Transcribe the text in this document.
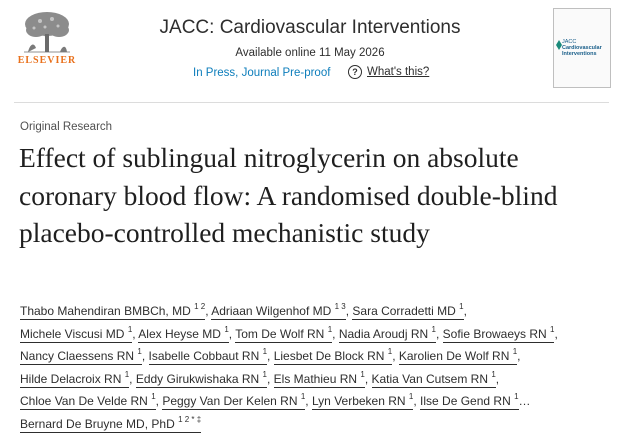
ELSEVIER
JACC: Cardiovascular Interventions
Available online 11 May 2026
In Press, Journal Pre-proof	? What's this?
JACC
Cardiovascular
Interventions
Original Research
Effect of sublingual nitroglycerin on absolute coronary blood flow: A randomised double-blind placebo-controlled mechanistic study
Thabo Mahendiran BMBCh, MD $^{1 2}$, Adriaan Wilgenhof MD $^{1 3}$, Sara Corradetti MD $^1$,
Michele Viscusi MD $^1$, Alex Heyse MD $^1$, Tom De Wolf RN $^1$, Nadia Aroudj RN $^1$, Sofie Browaeys RN $^1$,
Nancy Claessens RN $^1$, Isabelle Cobbaut RN $^1$, Liesbet De Block RN $^1$, Karolien De Wolf RN $^1$,
Hilde Delacroix RN $^1$, Eddy Girukwishaka RN $^1$, Els Mathieu RN $^1$, Katia Van Cutsem RN $^1$,
Chloe Van De Velde RN $^1$, Peggy Van Der Kelen RN $^1$, Lyn Verbeken RN $^1$, Ilse De Gend RN $^1$…
Bernard De Bruyne MD, PhD $^{1 2 * \ddagger}$
